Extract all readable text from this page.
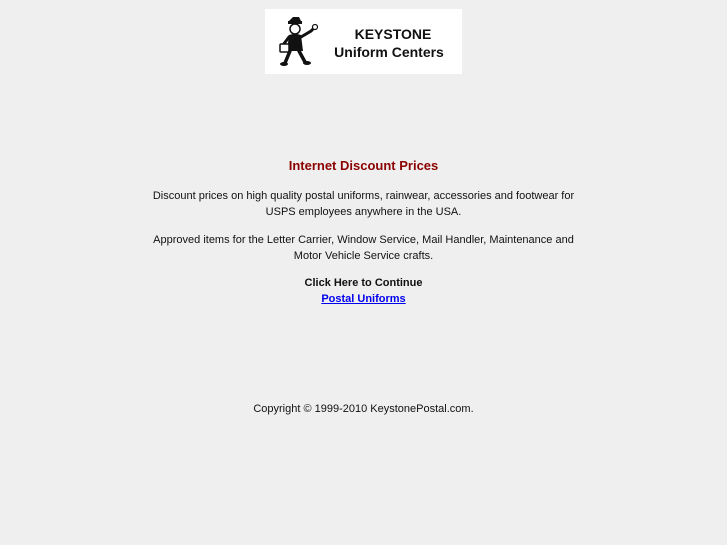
KEYSTONE
Uniform Centers
Internet Discount Prices
Discount prices on high quality postal uniforms, rainwear, accessories and footwear for USPS employees anywhere in the USA.
Approved items for the Letter Carrier, Window Service, Mail Handler, Maintenance and Motor Vehicle Service crafts.
Click Here to Continue
Postal Uniforms
Copyright © 1999-2010 KeystonePostal.com.
